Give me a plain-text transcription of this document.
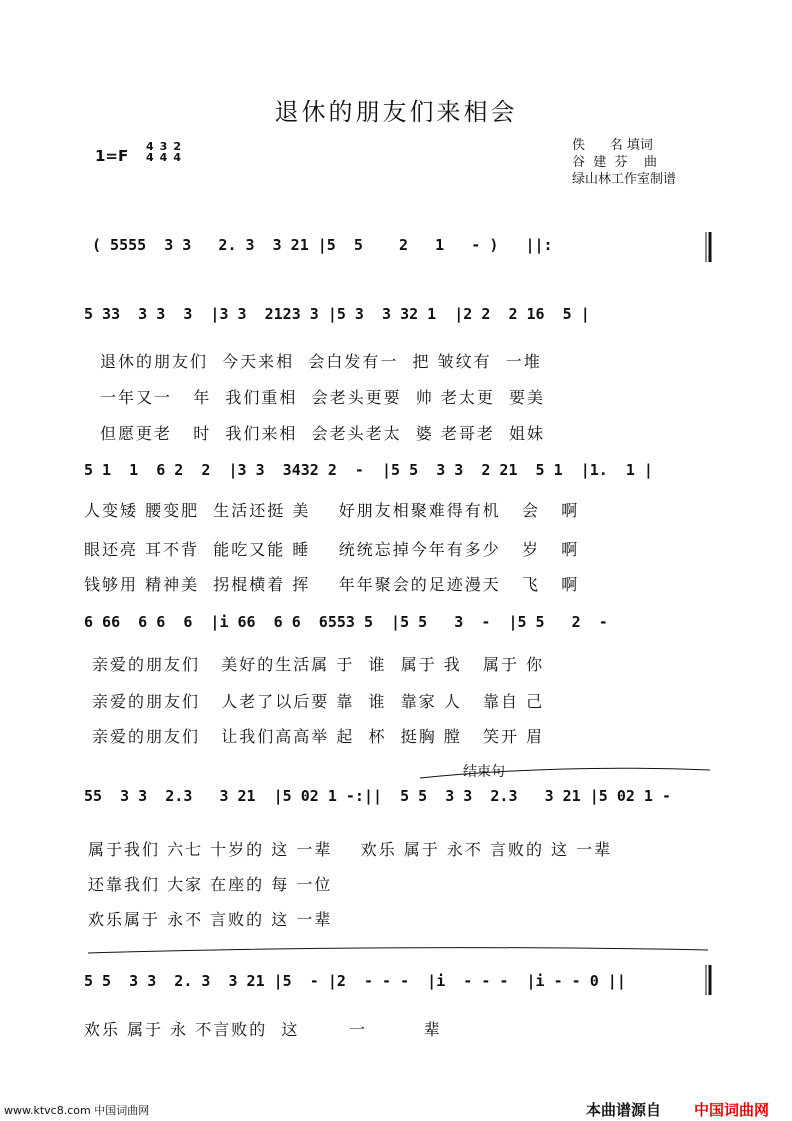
退休的朋友们来相会
1=F
4
4
3
4
2
4
佚      名 填词
谷  建  芬    曲
绿山林工作室制谱
( 5555  3 3   2. 3  3 21 |5  5    2   1   - )   ||:
5 33  3 3  3  |3 3  2123 3 |5 3  3 32 1  |2 2  2 16  5 |
退休的朋友们  今天来相  会白发有一  把 皱纹有  一堆
一年又一   年  我们重相  会老头更要  帅 老太更  要美
但愿更老   时  我们来相  会老头老太  婆 老哥老  姐妹
5 1  1  6 2  2  |3 3  3432 2  -  |5 5  3 3  2 21  5 1  |1.  1 |
人变矮 腰变肥  生活还挺 美    好朋友相聚难得有机   会   啊
眼还亮 耳不背  能吃又能 睡    统统忘掉今年有多少   岁   啊
钱够用 精神美  拐棍横着 挥    年年聚会的足迹漫天   飞   啊
6 66  6 6  6  |i 66  6 6  6553 5  |5 5   3  -  |5 5   2  -
亲爱的朋友们   美好的生活属 于  谁  属于 我   属于 你
亲爱的朋友们   人老了以后要 靠  谁  靠家 人   靠自 己
亲爱的朋友们   让我们高高举 起  杯  挺胸 膛   笑开 眉
结束句
55  3 3  2.3   3 21  |5 02 1 -:||  5 5  3 3  2.3   3 21 |5 02 1 -
属于我们 六七 十岁的 这 一辈    欢乐 属于 永不 言败的 这 一辈
还靠我们 大家 在座的 每 一位
欢乐属于 永不 言败的 这 一辈
5 5  3 3  2. 3  3 21 |5  - |2  - - -  |i  - - -  |i - - 0 ||
欢乐 属于 永 不言败的  这       一        辈
www.ktvc8.com 中国词曲网	本曲谱源自 中国词曲网
